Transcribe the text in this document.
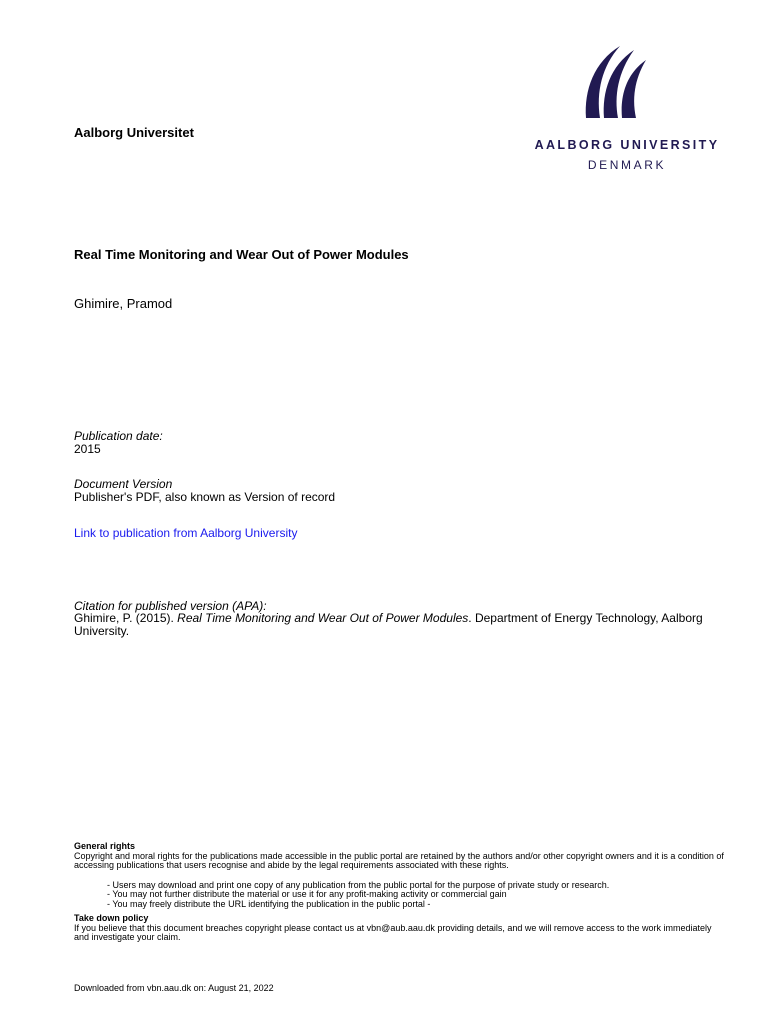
Aalborg Universitet
AALBORG UNIVERSITY
DENMARK
Real Time Monitoring and Wear Out of Power Modules
Ghimire, Pramod
Publication date:
2015
Document Version
Publisher's PDF, also known as Version of record
Link to publication from Aalborg University
Citation for published version (APA):
Ghimire, P. (2015). Real Time Monitoring and Wear Out of Power Modules. Department of Energy Technology, Aalborg University.
General rights
Copyright and moral rights for the publications made accessible in the public portal are retained by the authors and/or other copyright owners and it is a condition of accessing publications that users recognise and abide by the legal requirements associated with these rights.
- Users may download and print one copy of any publication from the public portal for the purpose of private study or research.
- You may not further distribute the material or use it for any profit-making activity or commercial gain
- You may freely distribute the URL identifying the publication in the public portal -
Take down policy
If you believe that this document breaches copyright please contact us at vbn@aub.aau.dk providing details, and we will remove access to the work immediately and investigate your claim.
Downloaded from vbn.aau.dk on: August 21, 2022
